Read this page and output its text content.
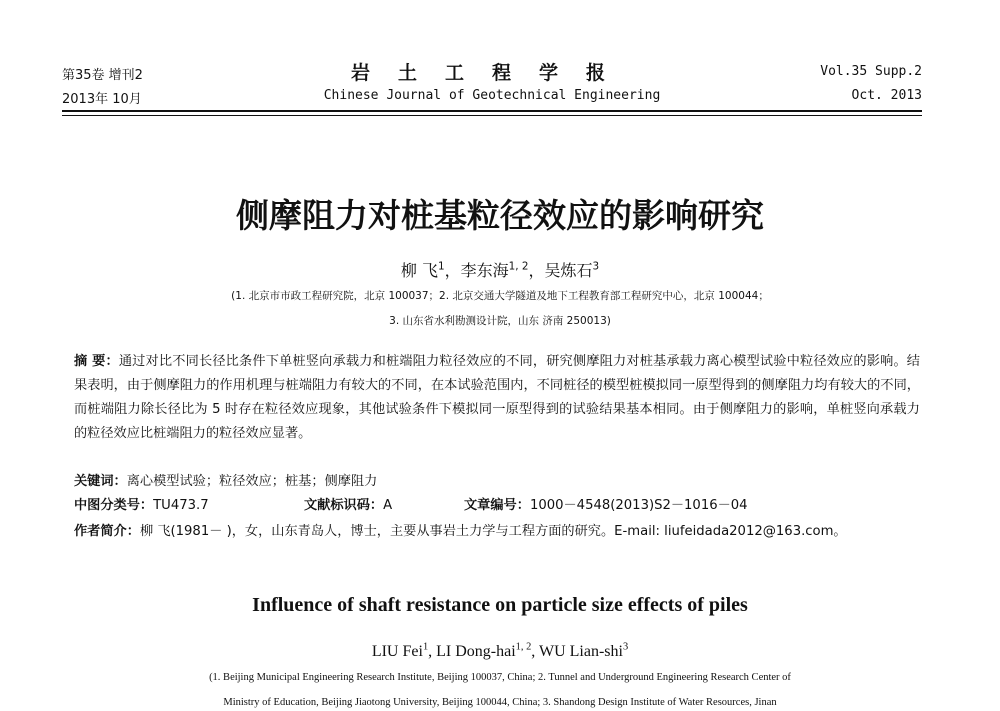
第35卷 增刊2
2013年 10月
岩土工程学报
Chinese Journal of Geotechnical Engineering
Vol.35 Supp.2
Oct. 2013
侧摩阻力对桩基粒径效应的影响研究
柳 飞$^1$，李东海$^{1, 2}$，吴炼石$^3$
(1. 北京市市政工程研究院，北京 100037；2. 北京交通大学隧道及地下工程教育部工程研究中心，北京 100044；
3. 山东省水利勘测设计院，山东 济南 250013)
摘 要：通过对比不同长径比条件下单桩竖向承载力和桩端阻力粒径效应的不同，研究侧摩阻力对桩基承载力离心模型试验中粒径效应的影响。结果表明，由于侧摩阻力的作用机理与桩端阻力有较大的不同，在本试验范围内，不同桩径的模型桩模拟同一原型得到的侧摩阻力均有较大的不同，而桩端阻力除长径比为 5 时存在粒径效应现象，其他试验条件下模拟同一原型得到的试验结果基本相同。由于侧摩阻力的影响，单桩竖向承载力的粒径效应比桩端阻力的粒径效应显著。
关键词：离心模型试验；粒径效应；桩基；侧摩阻力
中图分类号：TU473.7	文献标识码：A	文章编号：1000－4548(2013)S2－1016－04
作者简介：柳 飞(1981－ )，女，山东青岛人，博士，主要从事岩土力学与工程方面的研究。E-mail: liufeidada2012@163.com。
Influence of shaft resistance on particle size effects of piles
LIU Fei$^1$, LI Dong-hai$^{1, 2}$, WU Lian-shi$^3$
(1. Beijing Municipal Engineering Research Institute, Beijing 100037, China; 2. Tunnel and Underground Engineering Research Center of
Ministry of Education, Beijing Jiaotong University, Beijing 100044, China; 3. Shandong Design Institute of Water Resources, Jinan
